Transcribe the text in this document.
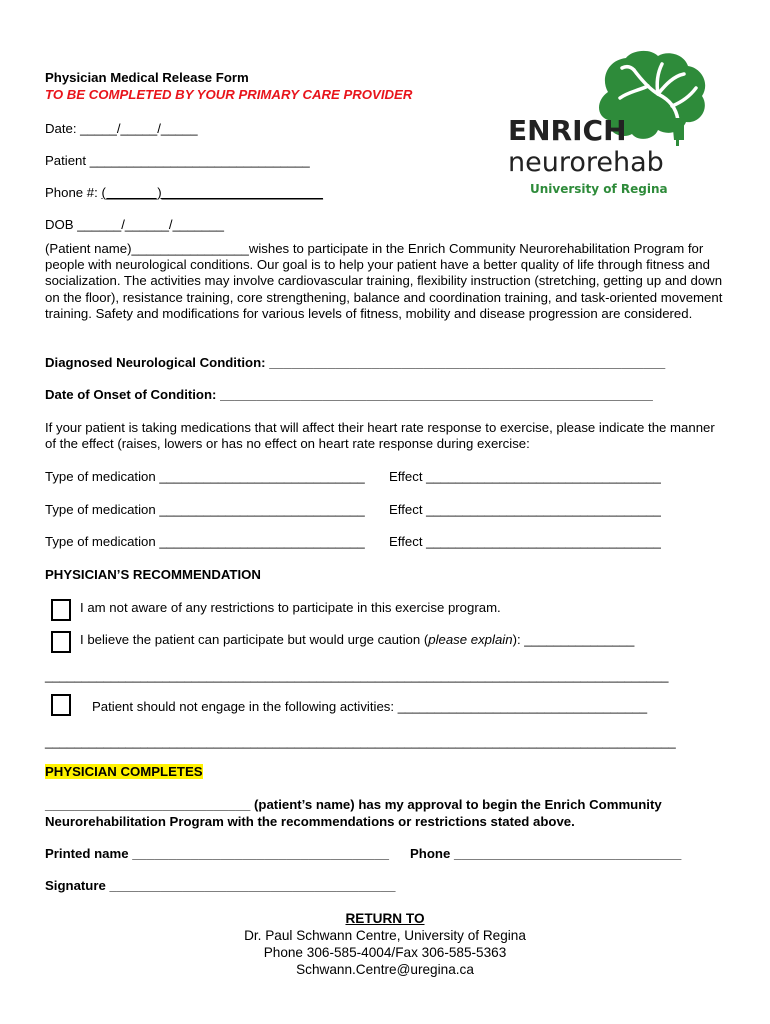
Physician Medical Release Form
TO BE COMPLETED BY YOUR PRIMARY CARE PROVIDER
ENRICH
neurorehab
University of Regina
Date: _____/_____/_____
Patient ______________________________
Phone #: (_______)______________________
DOB ______/______/_______
(Patient name)________________wishes to participate in the Enrich Community Neurorehabilitation Program for people with neurological conditions. Our goal is to help your patient have a better quality of life through fitness and socialization. The activities may involve cardiovascular training, flexibility instruction (stretching, getting up and down on the floor), resistance training, core strengthening, balance and coordination training, and task-oriented movement training. Safety and modifications for various levels of fitness, mobility and disease progression are considered.
Diagnosed Neurological Condition: ______________________________________________________
Date of Onset of Condition: ___________________________________________________________
If your patient is taking medications that will affect their heart rate response to exercise, please indicate the manner of the effect (raises, lowers or has no effect on heart rate response during exercise:
Type of medication ____________________________ Effect ________________________________
Type of medication ____________________________ Effect ________________________________
Type of medication ____________________________ Effect ________________________________
PHYSICIAN’S RECOMMENDATION
I am not aware of any restrictions to participate in this exercise program.
I believe the patient can participate but would urge caution (please explain): _______________
_____________________________________________________________________________________
Patient should not engage in the following activities: __________________________________
______________________________________________________________________________________
PHYSICIAN COMPLETES
____________________________ (patient’s name) has my approval to begin the Enrich Community
Neurorehabilitation Program with the recommendations or restrictions stated above.
Printed name ___________________________________ Phone _______________________________
Signature _______________________________________
RETURN TO
Dr. Paul Schwann Centre, University of Regina
Phone 306-585-4004/Fax 306-585-5363
Schwann.Centre@uregina.ca
